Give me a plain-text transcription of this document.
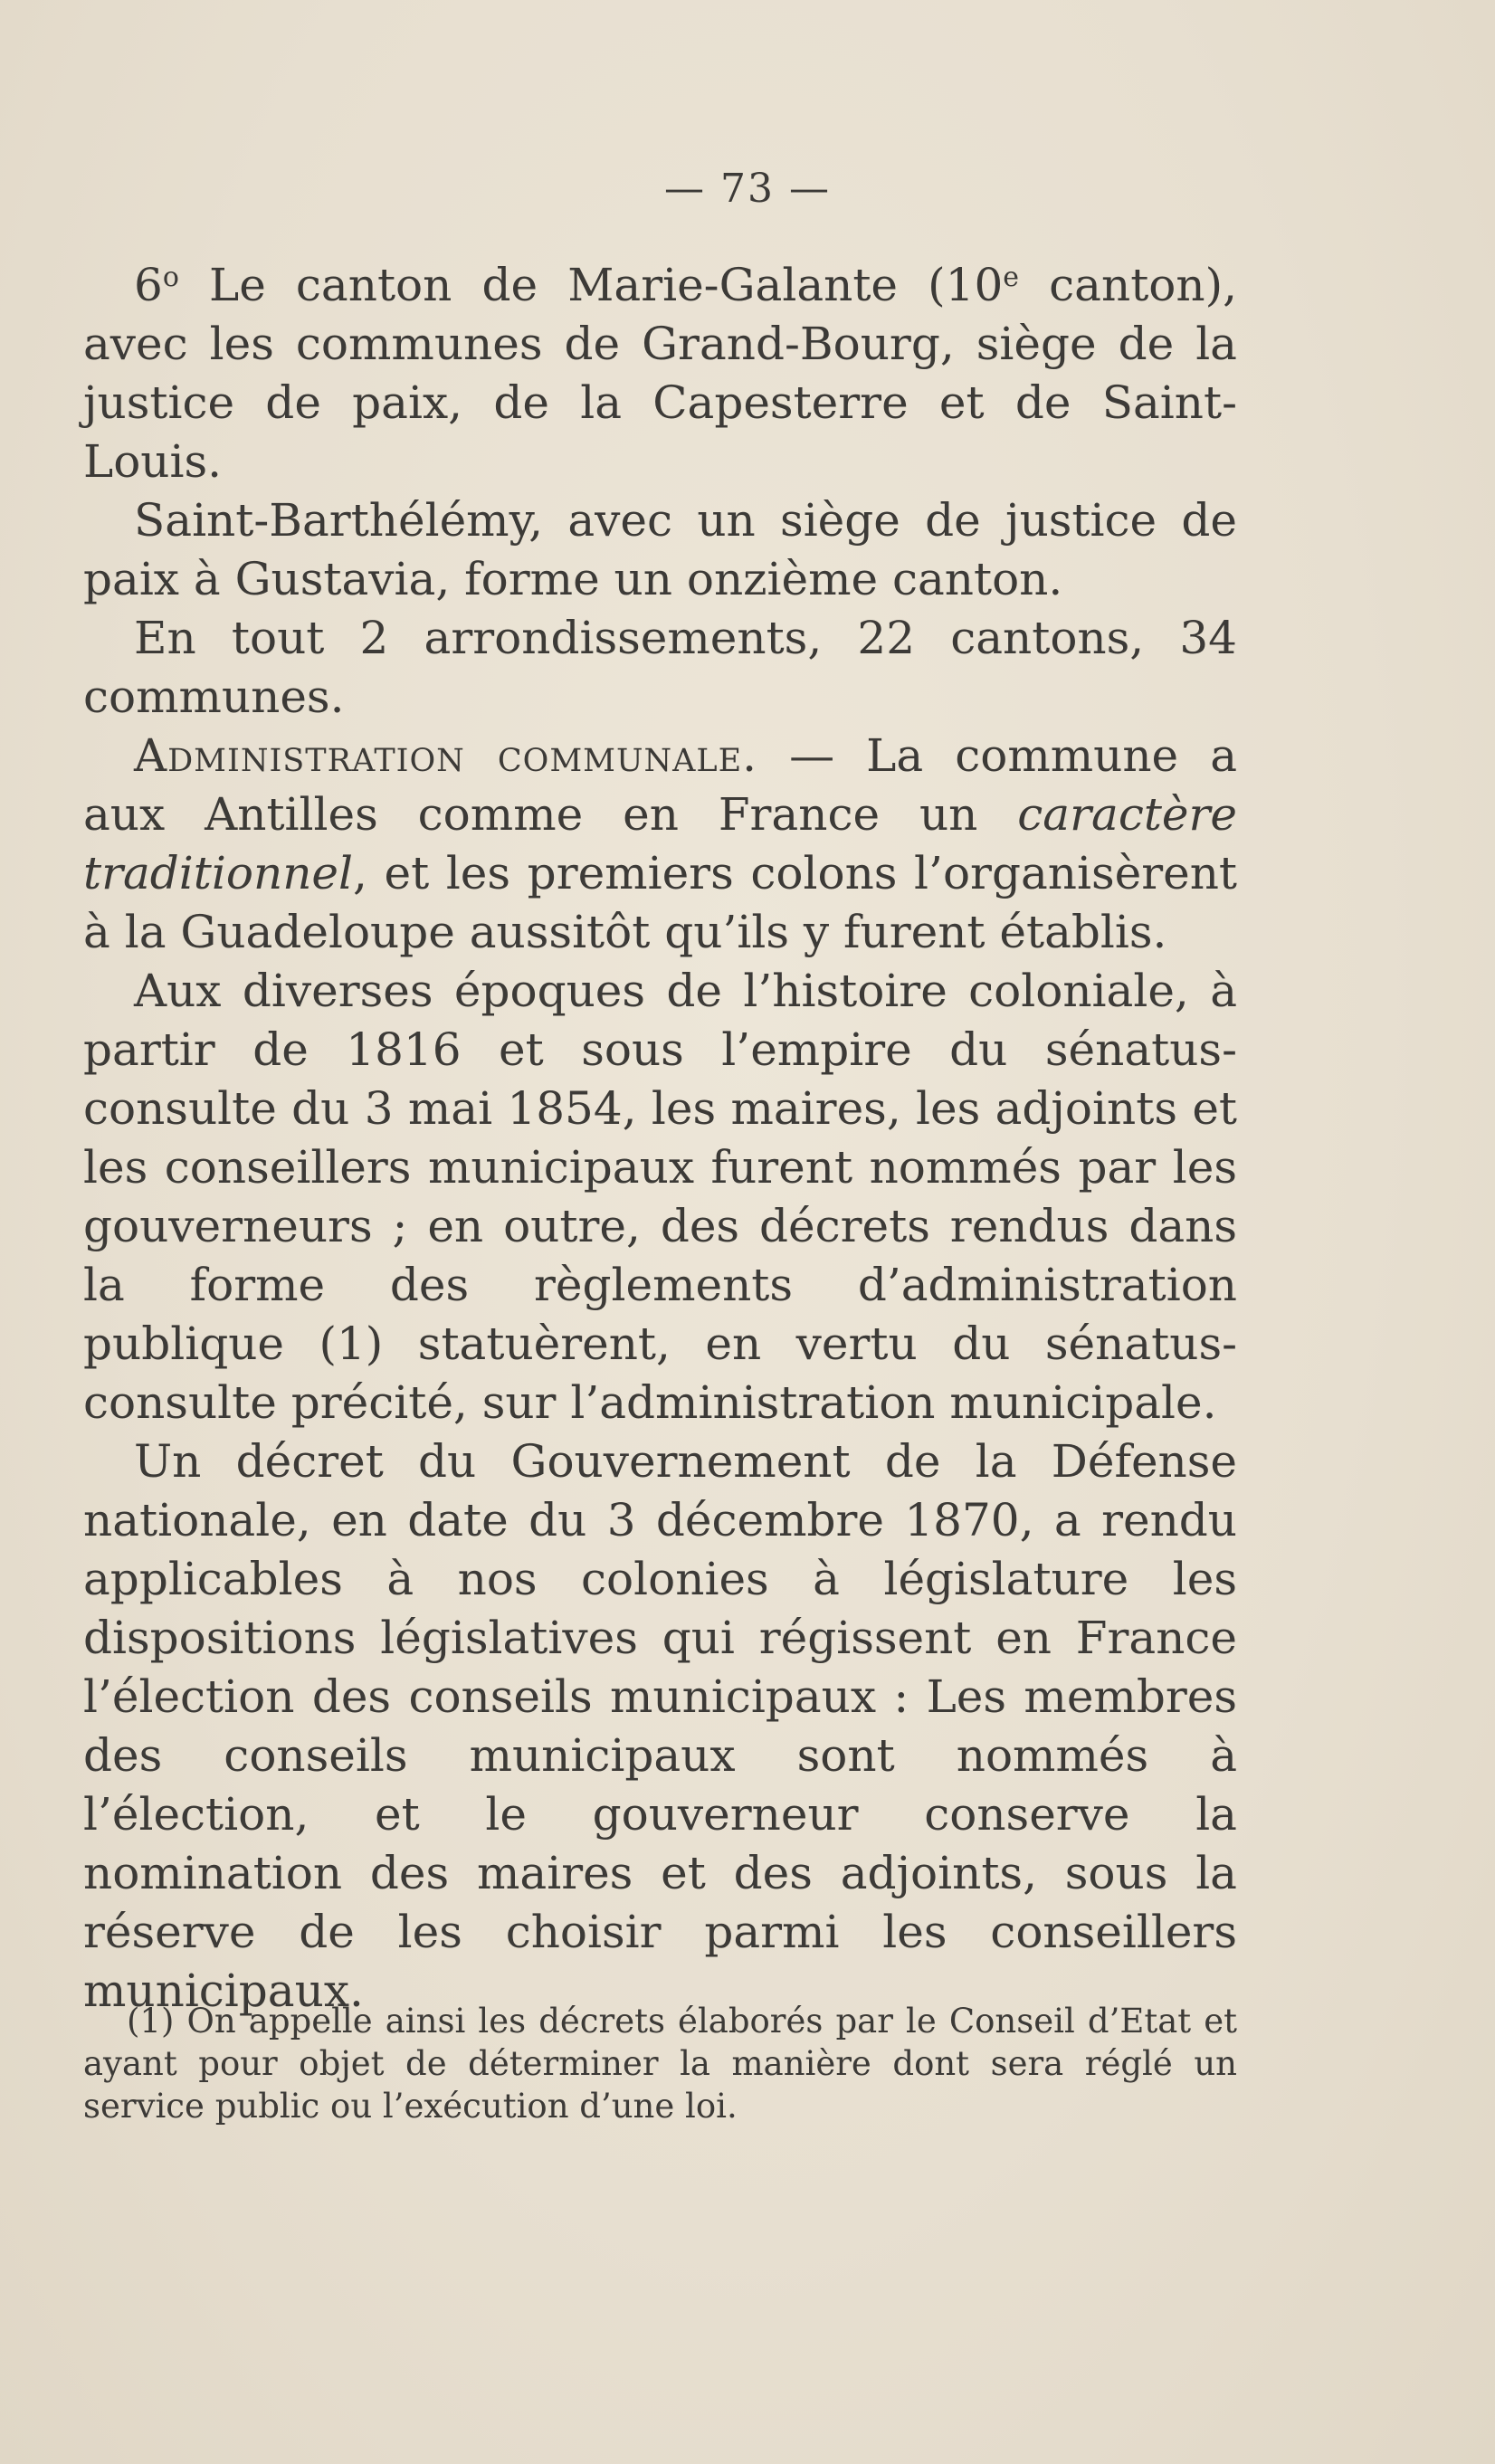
— 73 —

6$^o$ Le canton de Marie-Galante (10e canton), avec les communes de Grand-Bourg, siège de la justice de paix, de la Capesterre et de Saint-Louis.

Saint-Barthélémy, avec un siège de justice de paix à Gustavia, forme un onzième canton.

En tout 2 arrondissements, 22 cantons, 34 communes.

Administration communale. — La commune a aux Antilles comme en France un caractère traditionnel, et les premiers colons l’organisèrent à la Guadeloupe aussitôt qu’ils y furent établis.

Aux diverses époques de l’histoire coloniale, à partir de 1816 et sous l’empire du sénatus-consulte du 3 mai 1854, les maires, les adjoints et les conseillers municipaux furent nommés par les gouverneurs ; en outre, des décrets rendus dans la forme des règlements d’administration publique (1) statuèrent, en vertu du sénatus-consulte précité, sur l’administration municipale.

Un décret du Gouvernement de la Défense nationale, en date du 3 décembre 1870, a rendu applicables à nos colonies à législature les dispositions législatives qui régissent en France l’élection des conseils municipaux : Les membres des conseils municipaux sont nommés à l’élection, et le gouverneur conserve la nomination des maires et des adjoints, sous la réserve de les choisir parmi les conseillers municipaux.

(1) On appelle ainsi les décrets élaborés par le Conseil d’Etat et ayant pour objet de déterminer la manière dont sera réglé un service public ou l’exécution d’une loi.
